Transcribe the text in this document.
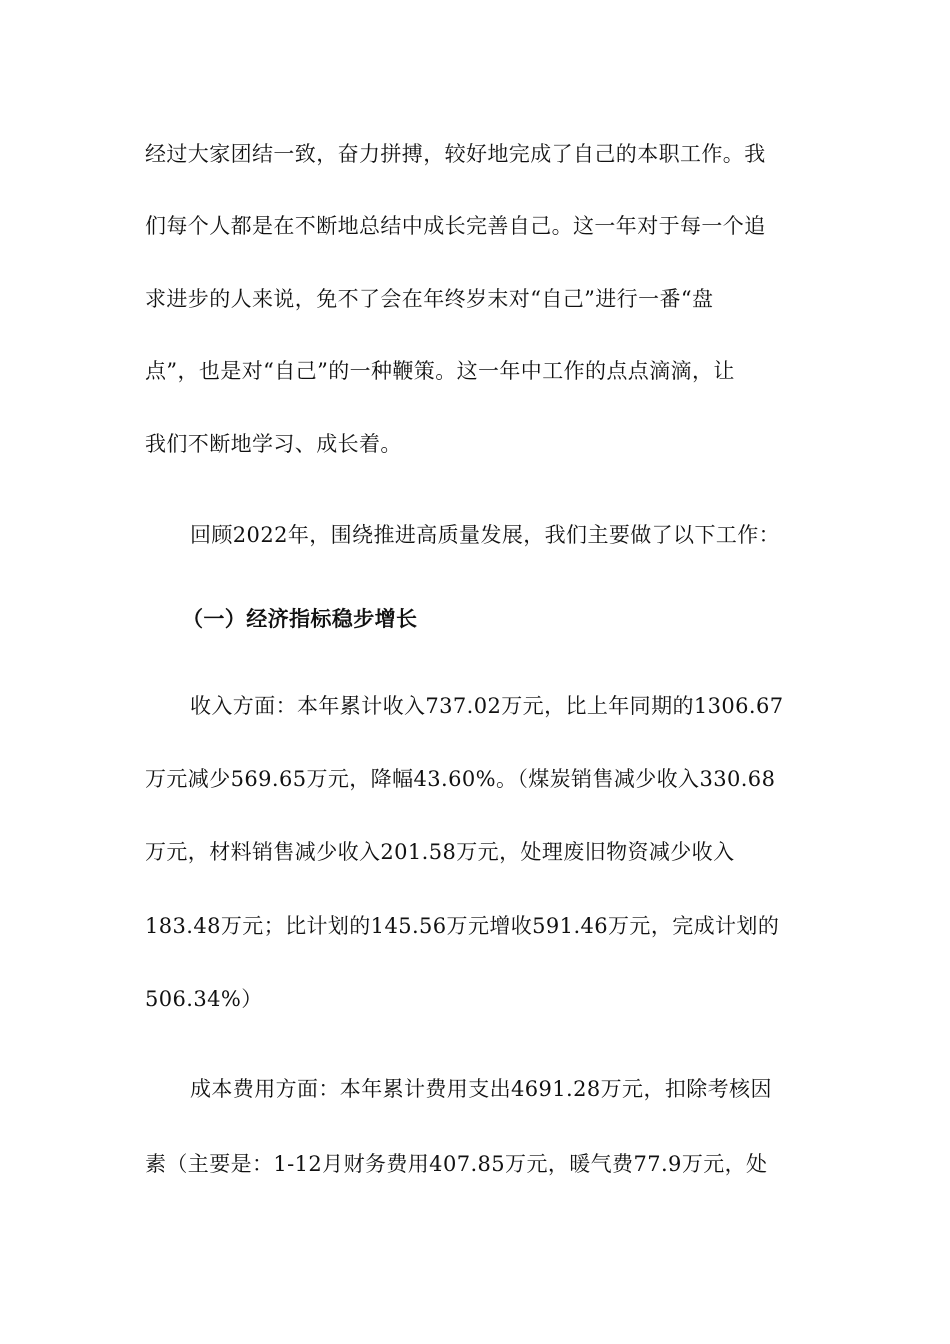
经过大家团结一致，奋力拼搏，较好地完成了自己的本职工作。我
们每个人都是在不断地总结中成长完善自己。这一年对于每一个追
求进步的人来说，免不了会在年终岁末对“自己”进行一番“盘
点”，也是对“自己”的一种鞭策。这一年中工作的点点滴滴，让
我们不断地学习、成长着。
回顾2022年，围绕推进高质量发展，我们主要做了以下工作：
（一）经济指标稳步增长
收入方面：本年累计收入737.02万元，比上年同期的1306.67
万元减少569.65万元，降幅43.60%。（煤炭销售减少收入330.68
万元，材料销售减少收入201.58万元，处理废旧物资减少收入
183.48万元；比计划的145.56万元增收591.46万元，完成计划的
506.34%）
成本费用方面：本年累计费用支出4691.28万元，扣除考核因
素（主要是：1-12月财务费用407.85万元，暖气费77.9万元，处
